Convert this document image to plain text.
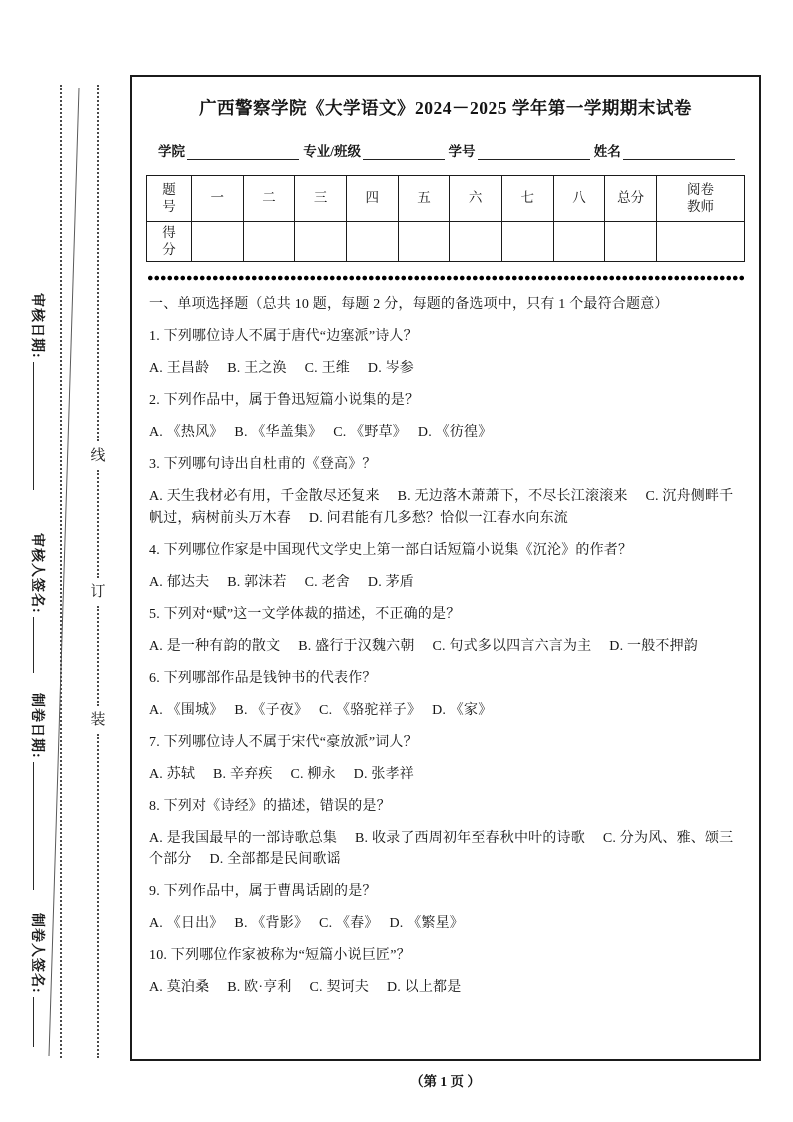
审核日期:
审核人签名:
制卷日期:
制卷人签名:
线
订
装
广西警察学院《大学语文》2024－2025 学年第一学期期末试卷
学院	专业/班级	学号	姓名
题号	一	二	三	四	五	六	七	八	总分	阅卷教师
得分										

一、单项选择题（总共 10 题，每题 2 分，每题的备选项中，只有 1 个最符合题意）

1. 下列哪位诗人不属于唐代“边塞派”诗人？

A. 王昌龄　 B. 王之涣　 C. 王维　 D. 岑参

2. 下列作品中，属于鲁迅短篇小说集的是？

A. 《热风》　 B. 《华盖集》　 C. 《野草》　 D. 《彷徨》

3. 下列哪句诗出自杜甫的《登高》？

A. 天生我材必有用，千金散尽还复来　 B. 无边落木萧萧下，不尽长江滚滚来　 C. 沉舟侧畔千帆过，病树前头万木春　 D. 问君能有几多愁？恰似一江春水向东流

4. 下列哪位作家是中国现代文学史上第一部白话短篇小说集《沉沦》的作者？

A. 郁达夫　 B. 郭沫若　 C. 老舍　 D. 茅盾

5. 下列对“赋”这一文学体裁的描述，不正确的是？

A. 是一种有韵的散文　 B. 盛行于汉魏六朝　 C. 句式多以四言六言为主　 D. 一般不押韵

6. 下列哪部作品是钱钟书的代表作？

A. 《围城》　 B. 《子夜》　 C. 《骆驼祥子》　 D. 《家》

7. 下列哪位诗人不属于宋代“豪放派”词人？

A. 苏轼　 B. 辛弃疾　 C. 柳永　 D. 张孝祥

8. 下列对《诗经》的描述，错误的是？

A. 是我国最早的一部诗歌总集　 B. 收录了西周初年至春秋中叶的诗歌　 C. 分为风、雅、颂三个部分　 D. 全部都是民间歌谣

9. 下列作品中，属于曹禺话剧的是？

A. 《日出》　 B. 《背影》　 C. 《春》　 D. 《繁星》

10. 下列哪位作家被称为“短篇小说巨匠”？

A. 莫泊桑　 B. 欧·亨利　 C. 契诃夫　 D. 以上都是

（第 1 页 ）
